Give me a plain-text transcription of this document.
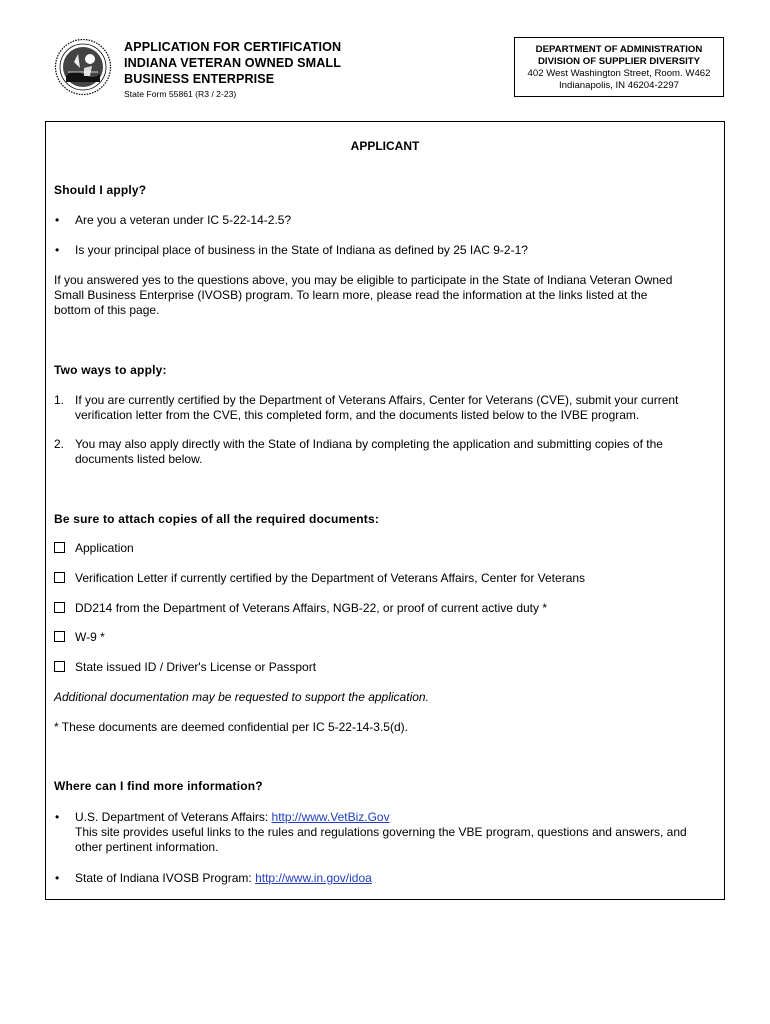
APPLICATION FOR CERTIFICATION
INDIANA VETERAN OWNED SMALL
BUSINESS ENTERPRISE
State Form 55861 (R3 / 2-23)
DEPARTMENT OF ADMINISTRATION
DIVISION OF SUPPLIER DIVERSITY
402 West Washington Street, Room. W462
Indianapolis, IN 46204-2297
APPLICANT
Should I apply?
• Are you a veteran under IC 5-22-14-2.5?
• Is your principal place of business in the State of Indiana as defined by 25 IAC 9-2-1?
If you answered yes to the questions above, you may be eligible to participate in the State of Indiana Veteran Owned
Small Business Enterprise (IVOSB) program. To learn more, please read the information at the links listed at the
bottom of this page.
Two ways to apply:
1. If you are currently certified by the Department of Veterans Affairs, Center for Veterans (CVE), submit your current
verification letter from the CVE, this completed form, and the documents listed below to the IVBE program.
2. You may also apply directly with the State of Indiana by completing the application and submitting copies of the
documents listed below.
Be sure to attach copies of all the required documents:
Application
Verification Letter if currently certified by the Department of Veterans Affairs, Center for Veterans
DD214 from the Department of Veterans Affairs, NGB-22, or proof of current active duty *
W-9 *
State issued ID / Driver's License or Passport
Additional documentation may be requested to support the application.
* These documents are deemed confidential per IC 5-22-14-3.5(d).
Where can I find more information?
• U.S. Department of Veterans Affairs: http://www.VetBiz.Gov
This site provides useful links to the rules and regulations governing the VBE program, questions and answers, and
other pertinent information.
• State of Indiana IVOSB Program: http://www.in.gov/idoa
